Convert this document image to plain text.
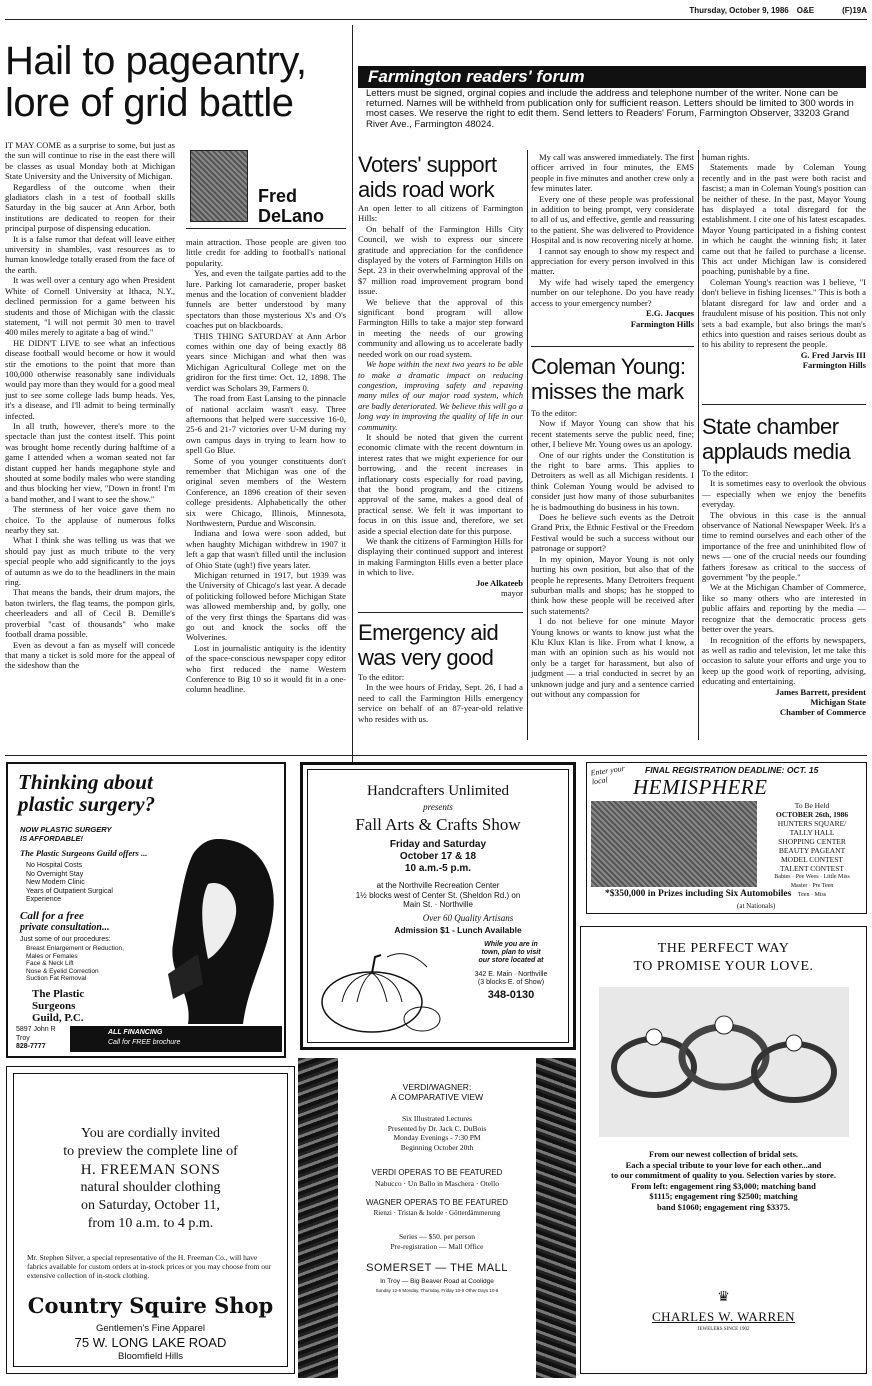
Thursday, October 9, 1986 O&E	(F)19A
Hail to pageantry, lore of grid battle

IT MAY COME as a surprise to some, but just as the sun will continue to rise in the east there will be classes as usual Monday both at Michigan State University and the University of Michigan.

Regardless of the outcome when their gladiators clash in a test of football skills Saturday in the big saucer at Ann Arbor, both institutions are dedicated to reopen for their principal purpose of dispensing education.

It is a false rumor that defeat will leave either university in shambles, vast resources as to human knowledge totally erased from the face of the earth.

It was well over a century ago when President White of Cornell University at Ithaca, N.Y., declined permission for a game between his students and those of Michigan with the classic statement, "I will not permit 30 men to travel 400 miles merely to agitate a bag of wind."

HE DIDN'T LIVE to see what an infectious disease football would become or how it would stir the emotions to the point that more than 100,000 otherwise reasonably sane individuals would pay more than they would for a good meal just to see some college lads bump heads. Yes, it's a disease, and I'll admit to being terminally infected.

In all truth, however, there's more to the spectacle than just the contest itself. This point was brought home recently during halftime of a game I attended when a woman seated not far distant cupped her hands megaphone style and shouted at some bodily males who were standing and thus blocking her view, "Down in front! I'm a band mother, and I want to see the show."

The sternness of her voice gave them no choice. To the applause of numerous folks nearby they sat.

What I think she was telling us was that we should pay just as much tribute to the very special people who add significantly to the joys of autumn as we do to the headliners in the main ring.

That means the bands, their drum majors, the baton twirlers, the flag teams, the pompon girls, cheerleaders and all of Cecil B. Demille's proverbial "cast of thousands" who make football drama possible.

Even as devout a fan as myself will concede that many a ticket is sold more for the appeal of the sideshow than the

Fred
DeLano

main attraction. Those people are given too little credit for adding to football's national popularity.

Yes, and even the tailgate parties add to the lure. Parking lot camaraderie, proper basket menus and the location of convenient bladder funnels are better understood by many spectators than those mysterious X's and O's coaches put on blackboards.

THIS THING SATURDAY at Ann Arbor comes within one day of being exactly 88 years since Michigan and what then was Michigan Agricultural College met on the gridiron for the first time: Oct. 12, 1898. The verdict was Scholars 39, Farmers 0.

The road from East Lansing to the pinnacle of national acclaim wasn't easy. Three afternoons that helped were successive 16-0, 25-6 and 21-7 victories over U-M during my own campus days in trying to learn how to spell Go Blue.

Some of you younger constituents don't remember that Michigan was one of the original seven members of the Western Conference, an 1896 creation of their seven college presidents. Alphabetically the other six were Chicago, Illinois, Minnesota, Northwestern, Purdue and Wisconsin.

Indiana and Iowa were soon added, but when haughty Michigan withdrew in 1907 it left a gap that wasn't filled until the inclusion of Ohio State (ugh!) five years later.

Michigan returned in 1917, but 1939 was the University of Chicago's last year. A decade of politicking followed before Michigan State was allowed membership and, by golly, one of the very first things the Spartans did was go out and knock the socks off the Wolverines.

Lost in journalistic antiquity is the identity of the space-conscious newspaper copy editor who first reduced the name Western Conference to Big 10 so it would fit in a one-column headline.

Farmington readers' forum
Letters must be signed, orginal copies and include the address and telephone number of the writer. None can be returned. Names will be withheld from publication only for sufficient reason. Letters should be limited to 300 words in most cases. We reserve the right to edit them. Send letters to Readers' Forum, Farmington Observer, 33203 Grand River Ave., Farmington 48024.
Voters' support aids road work

An open letter to all citizens of Farmington Hills:

On behalf of the Farmington Hills City Council, we wish to express our sincere gratitude and appreciation for the confidence displayed by the voters of Farmington Hills on Sept. 23 in their overwhelming approval of the $7 million road improvement program bond issue.

We believe that the approval of this significant bond program will allow Farmington Hills to take a major step forward in meeting the needs of our growing community and allowing us to accelerate badly needed work on our road system.

We hope within the next two years to be able to make a dramatic impact on reducing congestion, improving safety and repaving many miles of our major road system, which are badly deteriorated. We believe this will go a long way in improving the quality of life in our community.

It should be noted that given the current economic climate with the recent downturn in interest rates that we might experience for our borrowing, and the recent increases in inflationary costs especially for road paving, that the bond program, and the citizens approval of the same, makes a good deal of practical sense. We felt it was important to focus in on this issue and, therefore, we set aside a special election date for this purpose.

We thank the citizens of Farmington Hills for displaying their continued support and interest in making Farmington Hills even a better place in which to live.

Joe Alkateeb
mayor
Emergency aid was very good

To the editor:

In the wee hours of Friday, Sept. 26, I had a need to call the Farmington Hills emergency service on behalf of an 87-year-old relative who resides with us.

My call was answered immediately. The first officer arrived in four minutes, the EMS people in five minutes and another crew only a few minutes later.

Every one of these people was professional in addition to being prompt, very considerate to all of us, and effective, gentle and reassuring to the patient. She was delivered to Providence Hospital and is now recovering nicely at home.

I cannot say enough to show my respect and appreciation for every person involved in this matter.

My wife had wisely taped the emergency number on our telephone. Do you have ready access to your emergency number?

E.G. Jacques
Farmington Hills
Coleman Young: misses the mark

To the editor:

Now if Mayor Young can show that his recent statements serve the public need, fine; other, I believe Mr. Young owes us an apology.

One of our rights under the Constitution is the right to bare arms. This applies to Detroiters as well as all Michigan residents. I think Coleman Young would be advised to consider just how many of those suburbanites he is badmouthing do business in his town.

Does he believe such events as the Detroit Grand Prix, the Ethnic Festival or the Freedom Festival would be such a success without our patronage or support?

In my opinion, Mayor Young is not only hurting his own position, but also that of the people he represents. Many Detroiters frequent suburban malls and shops; has he stopped to think how these people will be received after such statements?

I do not believe for one minute Mayor Young knows or wants to know just what the Klu Klux Klan is like. From what I know, a man with an opinion such as his would not only be a target for harassment, but also of judgment — a trial conducted in secret by an unknown judge and jury and a sentence carried out without any compassion for

human rights.

Statements made by Coleman Young recently and in the past were both racist and fascist; a man in Coleman Young's position can be neither of these. In the past, Mayor Young has displayed a total disregard for the establishment. I cite one of his latest escapades. Mayor Young participated in a fishing contest in which he caught the winning fish; it later came out that he failed to purchase a license. This act under Michigan law is considered poaching, punishable by a fine.

Coleman Young's reaction was I believe, "I don't believe in fishing licenses." This is both a blatant disregard for law and order and a fraudulent misuse of his position. This not only sets a bad example, but also brings the man's ethics into question and raises serious doubt as to his ability to represent the people.

G. Fred Jarvis III
Farmington Hills
State chamber applauds media

To the editor:

It is sometimes easy to overlook the obvious — especially when we enjoy the benefits everyday.

The obvious in this case is the annual observance of National Newspaper Week. It's a time to remind ourselves and each other of the importance of the free and uninhibited flow of news — one of the crucial needs our founding fathers foresaw as critical to the success of government "by the people."

We at the Michigan Chamber of Commerce, like so many others who are interested in public affairs and reporting by the media — recognize that the democratic process gets better over the years.

In recognition of the efforts by newspapers, as well as radio and television, let me take this occasion to salute your efforts and urge you to keep up the good work of reporting, advising, educating and entertaining.

James Barrett, president
Michigan State
Chamber of Commerce
Thinking about
plastic surgery?
NOW PLASTIC SURGERY
IS AFFORDABLE!
The Plastic Surgeons Guild offers ...
No Hospital Costs
No Overnight Stay
New Modern Clinic
Years of Outpatient Surgical Experience
Call for a free
private consultation...
Just some of our procedures:
Breast Enlargement or Reduction, Males or Females
Face & Neck Lift
Nose & Eyelid Correction
Suction Fat Removal
The Plastic
Surgeons
Guild, P.C.
5897 John R
Troy
828-7777
ALL FINANCING
Call for FREE brochure
Handcrafters Unlimited
presents
Fall Arts & Crafts Show
Friday and Saturday
October 17 & 18
10 a.m.-5 p.m.
at the Northville Recreation Center
1½ blocks west of Center St. (Sheldon Rd.) on
Main St. · Northville
Over 60 Quality Artisans
Admission $1 - Lunch Available
While you are in
town, plan to visit
our store located at
342 E. Main · Northville
(3 blocks E. of Show)
348-0130
Enter your local
FINAL REGISTRATION DEADLINE: OCT. 15
HEMISPHERE
To Be Held
OCTOBER 26th, 1986
HUNTERS SQUARE/
TALLY HALL
SHOPPING CENTER
BEAUTY PAGEANT
MODEL CONTEST
TALENT CONTEST
Babies · Pee Wees · Little Miss
Master · Pre Teen
Teen · Miss
*$350,000 in Prizes including Six Automobiles
(at Nationals)
THE PERFECT WAY
TO PROMISE YOUR LOVE.
From our newest collection of bridal sets.
Each a special tribute to your love for each other...and
to our commitment of quality to you. Selection varies by store.
From left: engagement ring $3,000; matching band
$1115; engagement ring $2500; matching
band $1060; engagement ring $3375.
♛
CHARLES W. WARREN
JEWELERS SINCE 1902
You are cordially invited
to preview the complete line of
H. FREEMAN SONS
natural shoulder clothing
on Saturday, October 11,
from 10 a.m. to 4 p.m.
Mr. Stephen Silver, a special representative of the H. Freeman Co., will have fabrics available for custom orders at in-stock prices or you may choose from our extensive collection of in-stock clothing.
Country Squire Shop
Gentlemen's Fine Apparel
75 W. LONG LAKE ROAD
Bloomfield Hills
VERDI/WAGNER:
A COMPARATIVE VIEW
Six Illustrated Lectures
Presented by Dr. Jack C. DuBois
Monday Evenings - 7:30 PM
Beginning October 20th
VERDI OPERAS TO BE FEATURED
Nabucco · Un Ballo in Maschera · Otello
WAGNER OPERAS TO BE FEATURED
Rienzi · Tristan & Isolde · Götterdämmerung
Series — $50. per person
Pre-registration — Mall Office
SOMERSET — THE MALL
In Troy — Big Beaver Road at Coolidge
Sunday 12-5 Monday, Thursday, Friday 10-9 Other Days 10-6
